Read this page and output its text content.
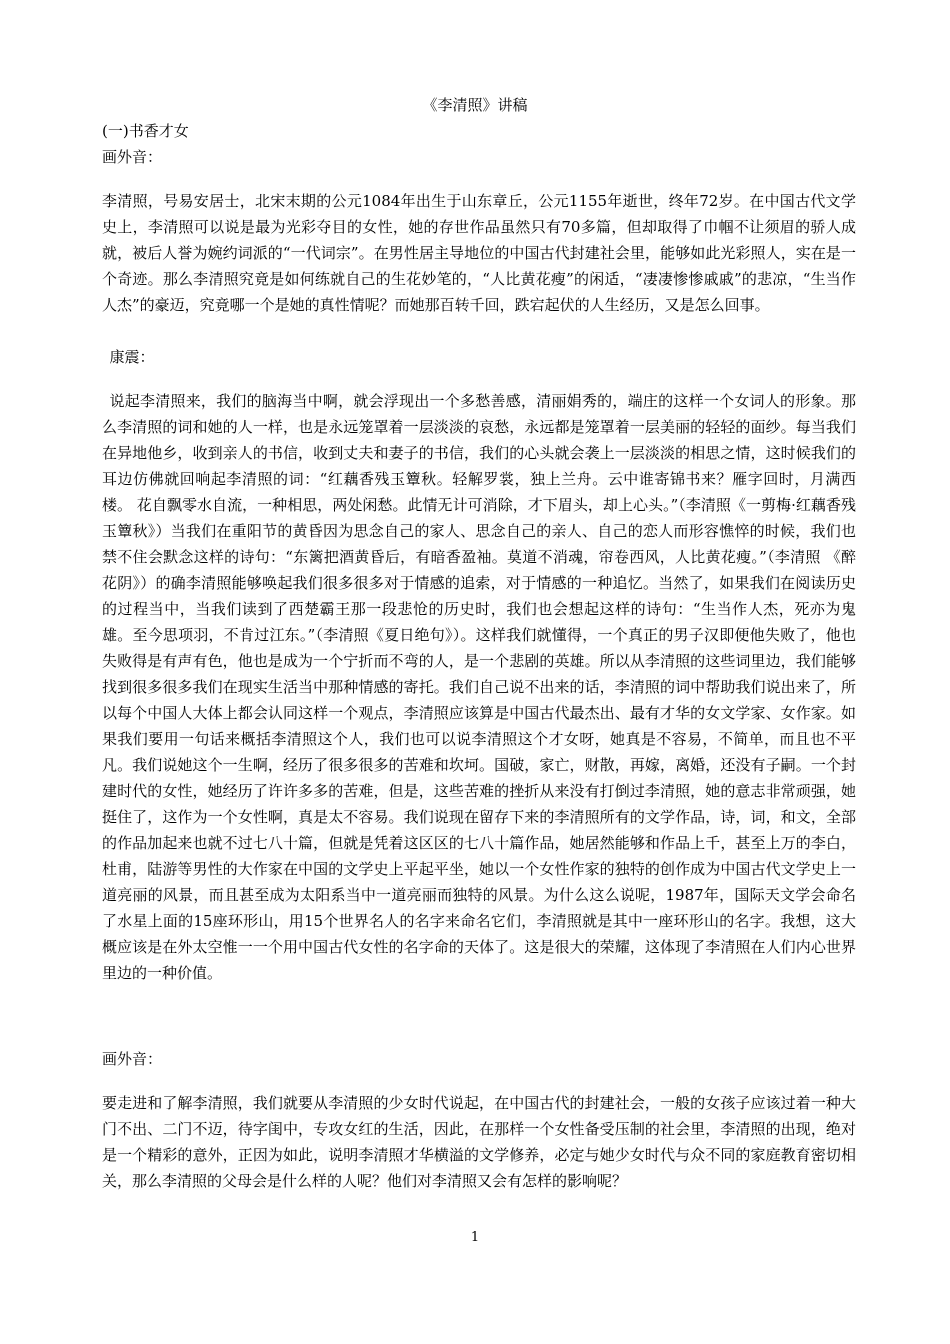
《李清照》讲稿

(一)书香才女

画外音：

李清照，号易安居士，北宋末期的公元1084年出生于山东章丘，公元1155年逝世，终年72岁。在中国古代文学史上，李清照可以说是最为光彩夺目的女性，她的存世作品虽然只有70多篇，但却取得了巾帼不让须眉的骄人成就，被后人誉为婉约词派的“一代词宗”。在男性居主导地位的中国古代封建社会里，能够如此光彩照人，实在是一个奇迹。那么李清照究竟是如何练就自己的生花妙笔的，“人比黄花瘦”的闲适，“凄凄惨惨戚戚”的悲凉，“生当作人杰”的豪迈，究竟哪一个是她的真性情呢？而她那百转千回，跌宕起伏的人生经历，又是怎么回事。

康震：

说起李清照来，我们的脑海当中啊，就会浮现出一个多愁善感，清丽娟秀的，端庄的这样一个女词人的形象。那么李清照的词和她的人一样，也是永远笼罩着一层淡淡的哀愁，永远都是笼罩着一层美丽的轻轻的面纱。每当我们在异地他乡，收到亲人的书信，收到丈夫和妻子的书信，我们的心头就会袭上一层淡淡的相思之情，这时候我们的耳边仿佛就回响起李清照的词：“红藕香残玉簟秋。轻解罗裳，独上兰舟。云中谁寄锦书来？雁字回时，月满西楼。 花自飘零水自流，一种相思，两处闲愁。此情无计可消除，才下眉头，却上心头。”（李清照《一剪梅·红藕香残玉簟秋》）当我们在重阳节的黄昏因为思念自己的家人、思念自己的亲人、自己的恋人而形容憔悴的时候，我们也禁不住会默念这样的诗句：“东篱把酒黄昏后，有暗香盈袖。莫道不消魂，帘卷西风，人比黄花瘦。”（李清照 《醉花阴》）的确李清照能够唤起我们很多很多对于情感的追索，对于情感的一种追忆。当然了，如果我们在阅读历史的过程当中，当我们读到了西楚霸王那一段悲怆的历史时，我们也会想起这样的诗句：“生当作人杰，死亦为鬼雄。至今思项羽，不肯过江东。”（李清照《夏日绝句》）。这样我们就懂得，一个真正的男子汉即便他失败了，他也失败得是有声有色，他也是成为一个宁折而不弯的人，是一个悲剧的英雄。所以从李清照的这些词里边，我们能够找到很多很多我们在现实生活当中那种情感的寄托。我们自己说不出来的话，李清照的词中帮助我们说出来了，所以每个中国人大体上都会认同这样一个观点，李清照应该算是中国古代最杰出、最有才华的女文学家、女作家。如果我们要用一句话来概括李清照这个人，我们也可以说李清照这个才女呀，她真是不容易，不简单，而且也不平凡。我们说她这个一生啊，经历了很多很多的苦难和坎坷。国破，家亡，财散，再嫁，离婚，还没有子嗣。一个封建时代的女性，她经历了许许多多的苦难，但是，这些苦难的挫折从来没有打倒过李清照，她的意志非常顽强，她挺住了，这作为一个女性啊，真是太不容易。我们说现在留存下来的李清照所有的文学作品，诗，词，和文，全部的作品加起来也就不过七八十篇，但就是凭着这区区的七八十篇作品，她居然能够和作品上千，甚至上万的李白，杜甫，陆游等男性的大作家在中国的文学史上平起平坐，她以一个女性作家的独特的创作成为中国古代文学史上一道亮丽的风景，而且甚至成为太阳系当中一道亮丽而独特的风景。为什么这么说呢，1987年，国际天文学会命名了水星上面的15座环形山，用15个世界名人的名字来命名它们，李清照就是其中一座环形山的名字。我想，这大概应该是在外太空惟一一个用中国古代女性的名字命的天体了。这是很大的荣耀，这体现了李清照在人们内心世界里边的一种价值。

画外音：

要走进和了解李清照，我们就要从李清照的少女时代说起，在中国古代的封建社会，一般的女孩子应该过着一种大门不出、二门不迈，待字闺中，专攻女红的生活，因此，在那样一个女性备受压制的社会里，李清照的出现，绝对是一个精彩的意外，正因为如此，说明李清照才华横溢的文学修养，必定与她少女时代与众不同的家庭教育密切相关，那么李清照的父母会是什么样的人呢？他们对李清照又会有怎样的影响呢？

1
